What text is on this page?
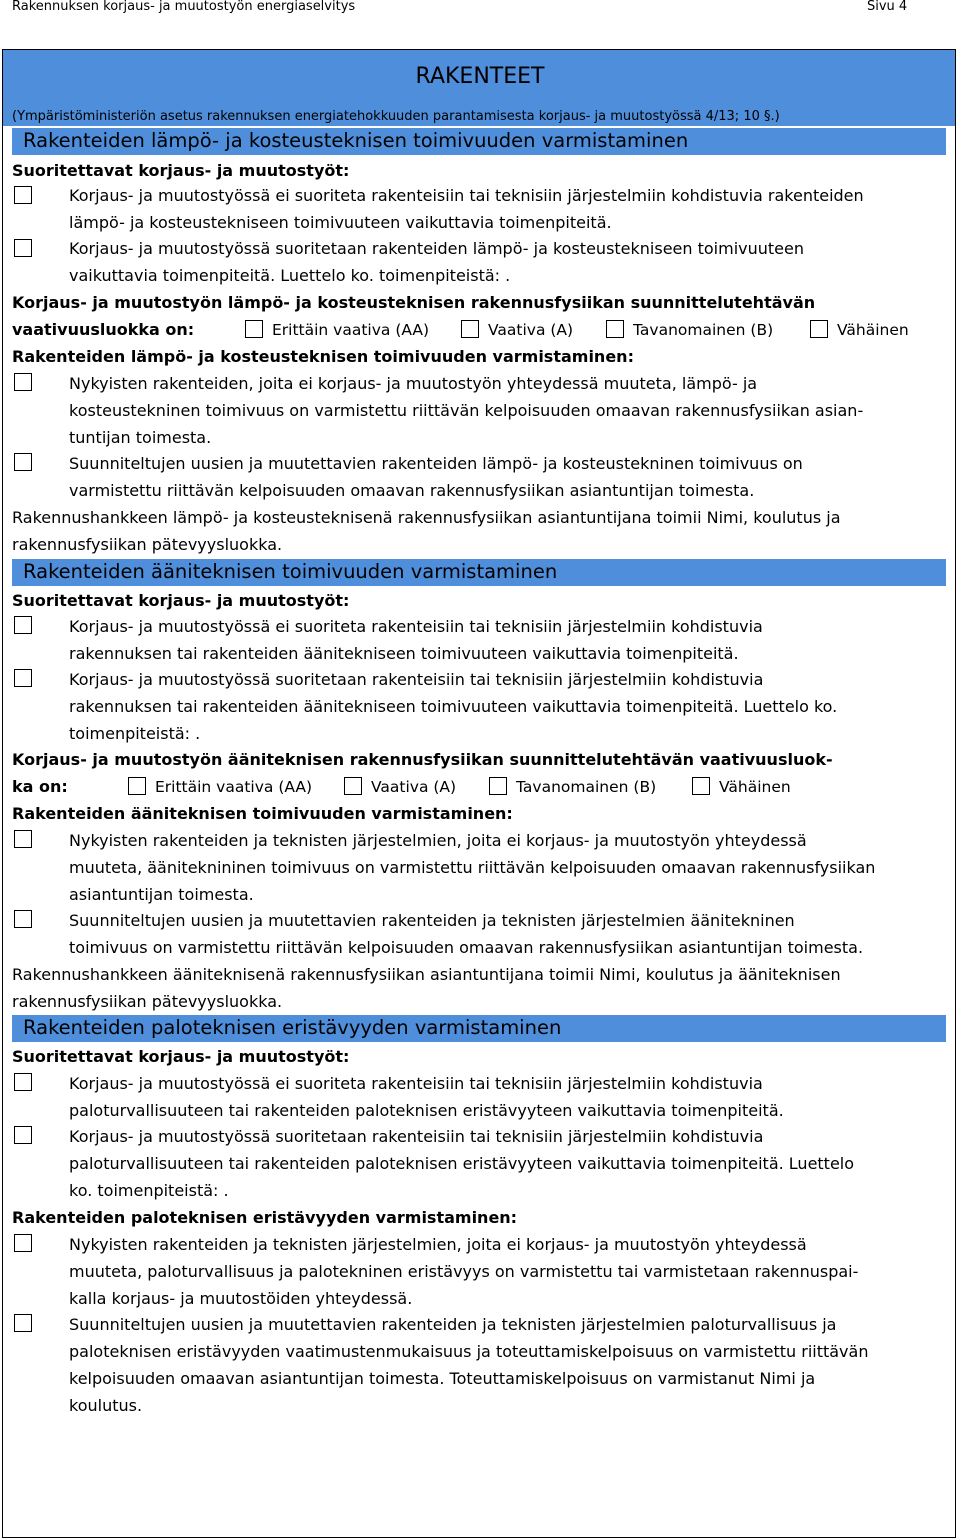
Rakennuksen korjaus- ja muutostyön energiaselvitys	Sivu 4
RAKENTEET
(Ympäristöministeriön asetus rakennuksen energiatehokkuuden parantamisesta korjaus- ja muutostyössä 4/13; 10 §.)
Rakenteiden lämpö- ja kosteusteknisen toimivuuden varmistaminen
Suoritettavat korjaus- ja muutostyöt:
Korjaus- ja muutostyössä ei suoriteta rakenteisiin tai teknisiin järjestelmiin kohdistuvia rakenteiden
lämpö- ja kosteustekniseen toimivuuteen vaikuttavia toimenpiteitä.
Korjaus- ja muutostyössä suoritetaan rakenteiden lämpö- ja kosteustekniseen toimivuuteen
vaikuttavia toimenpiteitä. Luettelo ko. toimenpiteistä: .
Korjaus- ja muutostyön lämpö- ja kosteusteknisen rakennusfysiikan suunnittelutehtävän
vaativuusluokka on:	Erittäin vaativa (AA)	Vaativa (A)	Tavanomainen (B)	Vähäinen
Rakenteiden lämpö- ja kosteusteknisen toimivuuden varmistaminen:
Nykyisten rakenteiden, joita ei korjaus- ja muutostyön yhteydessä muuteta, lämpö- ja
kosteustekninen toimivuus on varmistettu riittävän kelpoisuuden omaavan rakennusfysiikan asian-
tuntijan toimesta.
Suunniteltujen uusien ja muutettavien rakenteiden lämpö- ja kosteustekninen toimivuus on
varmistettu riittävän kelpoisuuden omaavan rakennusfysiikan asiantuntijan toimesta.
Rakennushankkeen lämpö- ja kosteusteknisenä rakennusfysiikan asiantuntijana toimii Nimi, koulutus ja
rakennusfysiikan pätevyysluokka.
Rakenteiden ääniteknisen toimivuuden varmistaminen
Suoritettavat korjaus- ja muutostyöt:
Korjaus- ja muutostyössä ei suoriteta rakenteisiin tai teknisiin järjestelmiin kohdistuvia
rakennuksen tai rakenteiden äänitekniseen toimivuuteen vaikuttavia toimenpiteitä.
Korjaus- ja muutostyössä suoritetaan rakenteisiin tai teknisiin järjestelmiin kohdistuvia
rakennuksen tai rakenteiden äänitekniseen toimivuuteen vaikuttavia toimenpiteitä. Luettelo ko.
toimenpiteistä: .
Korjaus- ja muutostyön ääniteknisen rakennusfysiikan suunnittelutehtävän vaativuusluok-
ka on:	Erittäin vaativa (AA)	Vaativa (A)	Tavanomainen (B)	Vähäinen
Rakenteiden ääniteknisen toimivuuden varmistaminen:
Nykyisten rakenteiden ja teknisten järjestelmien, joita ei korjaus- ja muutostyön yhteydessä
muuteta, ääniteknininen toimivuus on varmistettu riittävän kelpoisuuden omaavan rakennusfysiikan
asiantuntijan toimesta.
Suunniteltujen uusien ja muutettavien rakenteiden ja teknisten järjestelmien äänitekninen
toimivuus on varmistettu riittävän kelpoisuuden omaavan rakennusfysiikan asiantuntijan toimesta.
Rakennushankkeen ääniteknisenä rakennusfysiikan asiantuntijana toimii Nimi, koulutus ja ääniteknisen
rakennusfysiikan pätevyysluokka.
Rakenteiden paloteknisen eristävyyden varmistaminen
Suoritettavat korjaus- ja muutostyöt:
Korjaus- ja muutostyössä ei suoriteta rakenteisiin tai teknisiin järjestelmiin kohdistuvia
paloturvallisuuteen tai rakenteiden paloteknisen eristävyyteen vaikuttavia toimenpiteitä.
Korjaus- ja muutostyössä suoritetaan rakenteisiin tai teknisiin järjestelmiin kohdistuvia
paloturvallisuuteen tai rakenteiden paloteknisen eristävyyteen vaikuttavia toimenpiteitä. Luettelo
ko. toimenpiteistä: .
Rakenteiden paloteknisen eristävyyden varmistaminen:
Nykyisten rakenteiden ja teknisten järjestelmien, joita ei korjaus- ja muutostyön yhteydessä
muuteta, paloturvallisuus ja palotekninen eristävyys on varmistettu tai varmistetaan rakennuspai-
kalla korjaus- ja muutostöiden yhteydessä.
Suunniteltujen uusien ja muutettavien rakenteiden ja teknisten järjestelmien paloturvallisuus ja
paloteknisen eristävyyden vaatimustenmukaisuus ja toteuttamiskelpoisuus on varmistettu riittävän
kelpoisuuden omaavan asiantuntijan toimesta. Toteuttamiskelpoisuus on varmistanut Nimi ja
koulutus.
